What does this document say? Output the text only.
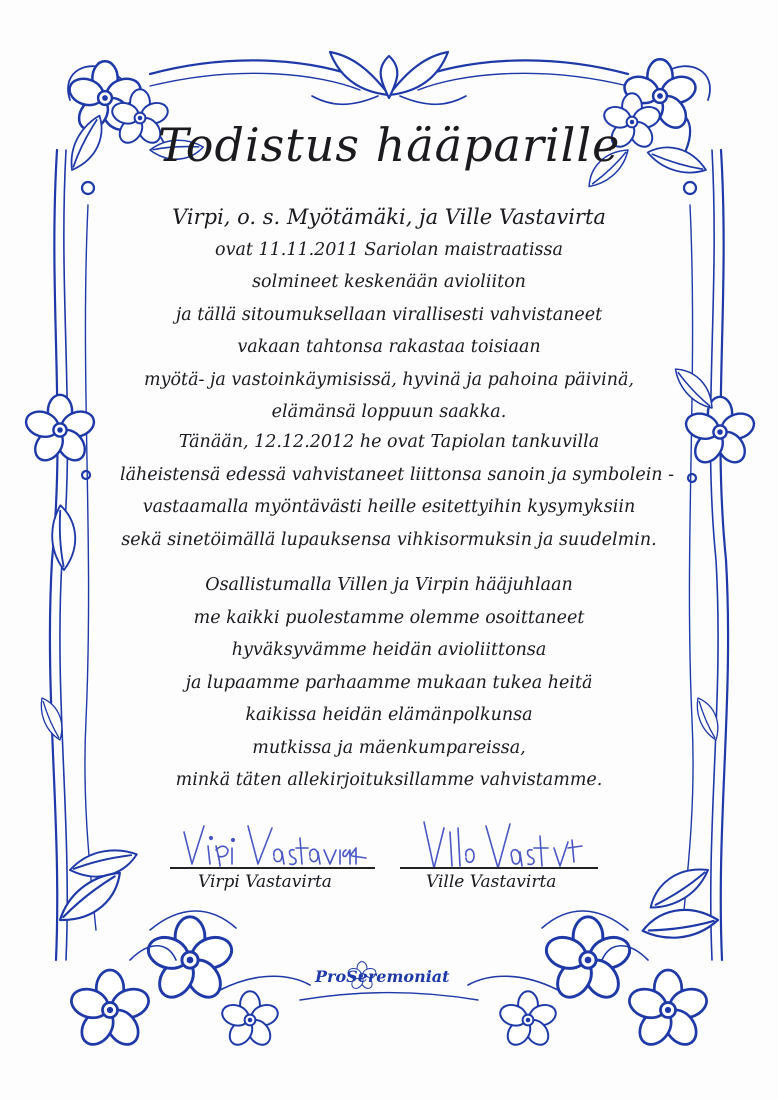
Todistus hääparille
Virpi, o. s. Myötämäki, ja Ville Vastavirta
ovat 11.11.2011 Sariolan maistraatissa
solmineet keskenään avioliiton
ja tällä sitoumuksellaan virallisesti vahvistaneet
vakaan tahtonsa rakastaa toisiaan
myötä- ja vastoinkäymisissä, hyvinä ja pahoina päivinä,
elämänsä loppuun saakka.
Tänään, 12.12.2012 he ovat Tapiolan tankuvilla
läheistensä edessä vahvistaneet liittonsa sanoin ja symbolein -
vastaamalla myöntävästi heille esitettyihin kysymyksiin
sekä sinetöimällä lupauksensa vihkisormuksin ja suudelmin.
Osallistumalla Villen ja Virpin hääjuhlaan
me kaikki puolestamme olemme osoittaneet
hyväksyvämme heidän avioliittonsa
ja lupaamme parhaamme mukaan tukea heitä
kaikissa heidän elämänpolkunsa
mutkissa ja mäenkumpareissa,
minkä täten allekirjoituksillamme vahvistamme.
Virpi Vastavirta	Ville Vastavirta
ProSeremoniat
